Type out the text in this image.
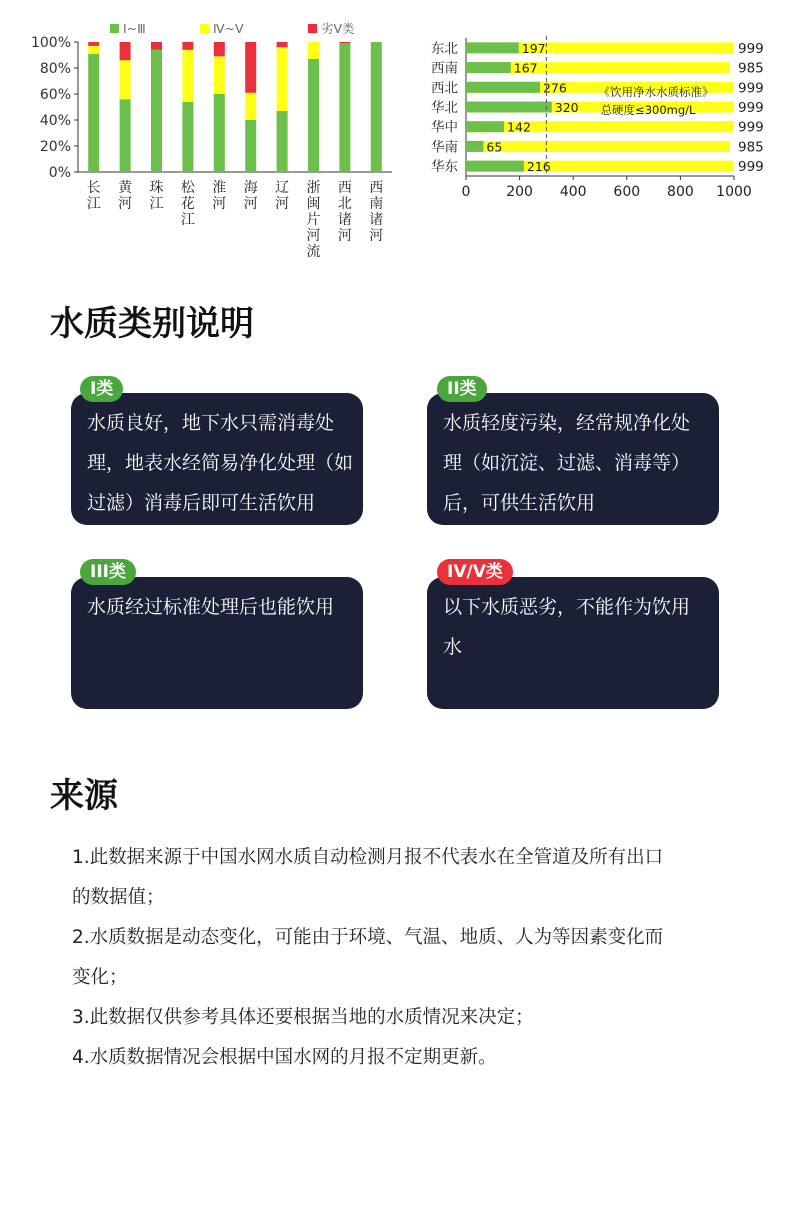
0%
20%
40%
60%
80%
100%
Ⅰ~Ⅲ	Ⅳ~Ⅴ	劣Ⅴ类
长
江
黄
河
珠
江
松
花
江
淮
河
海
河
辽
河
浙
闽
片
河
流
西
北
诸
河
西
南
诸
河
0	200 400 600 800 1000
东北	197	999
西南	167	985
西北	276	999
华北	320	999
华中	142	999
华南 65	985
华东	216	999
《饮用净水水质标准》
总硬度≤300mg/L
水质类别说明

水质良好，地下水只需消毒处

理，地表水经简易净化处理（如

过滤）消毒后即可生活饮用

I类

水质轻度污染，经常规净化处

理（如沉淀、过滤、消毒等）

后，可供生活饮用

II类

水质经过标准处理后也能饮用

III类

以下水质恶劣，不能作为饮用

水

IV/V类
来源
1.此数据来源于中国水网水质自动检测月报不代表水在全管道及所有出口
的数据值；
2.水质数据是动态变化，可能由于环境、气温、地质、人为等因素变化而
变化；
3.此数据仅供参考具体还要根据当地的水质情况来决定；
4.水质数据情况会根据中国水网的月报不定期更新。
